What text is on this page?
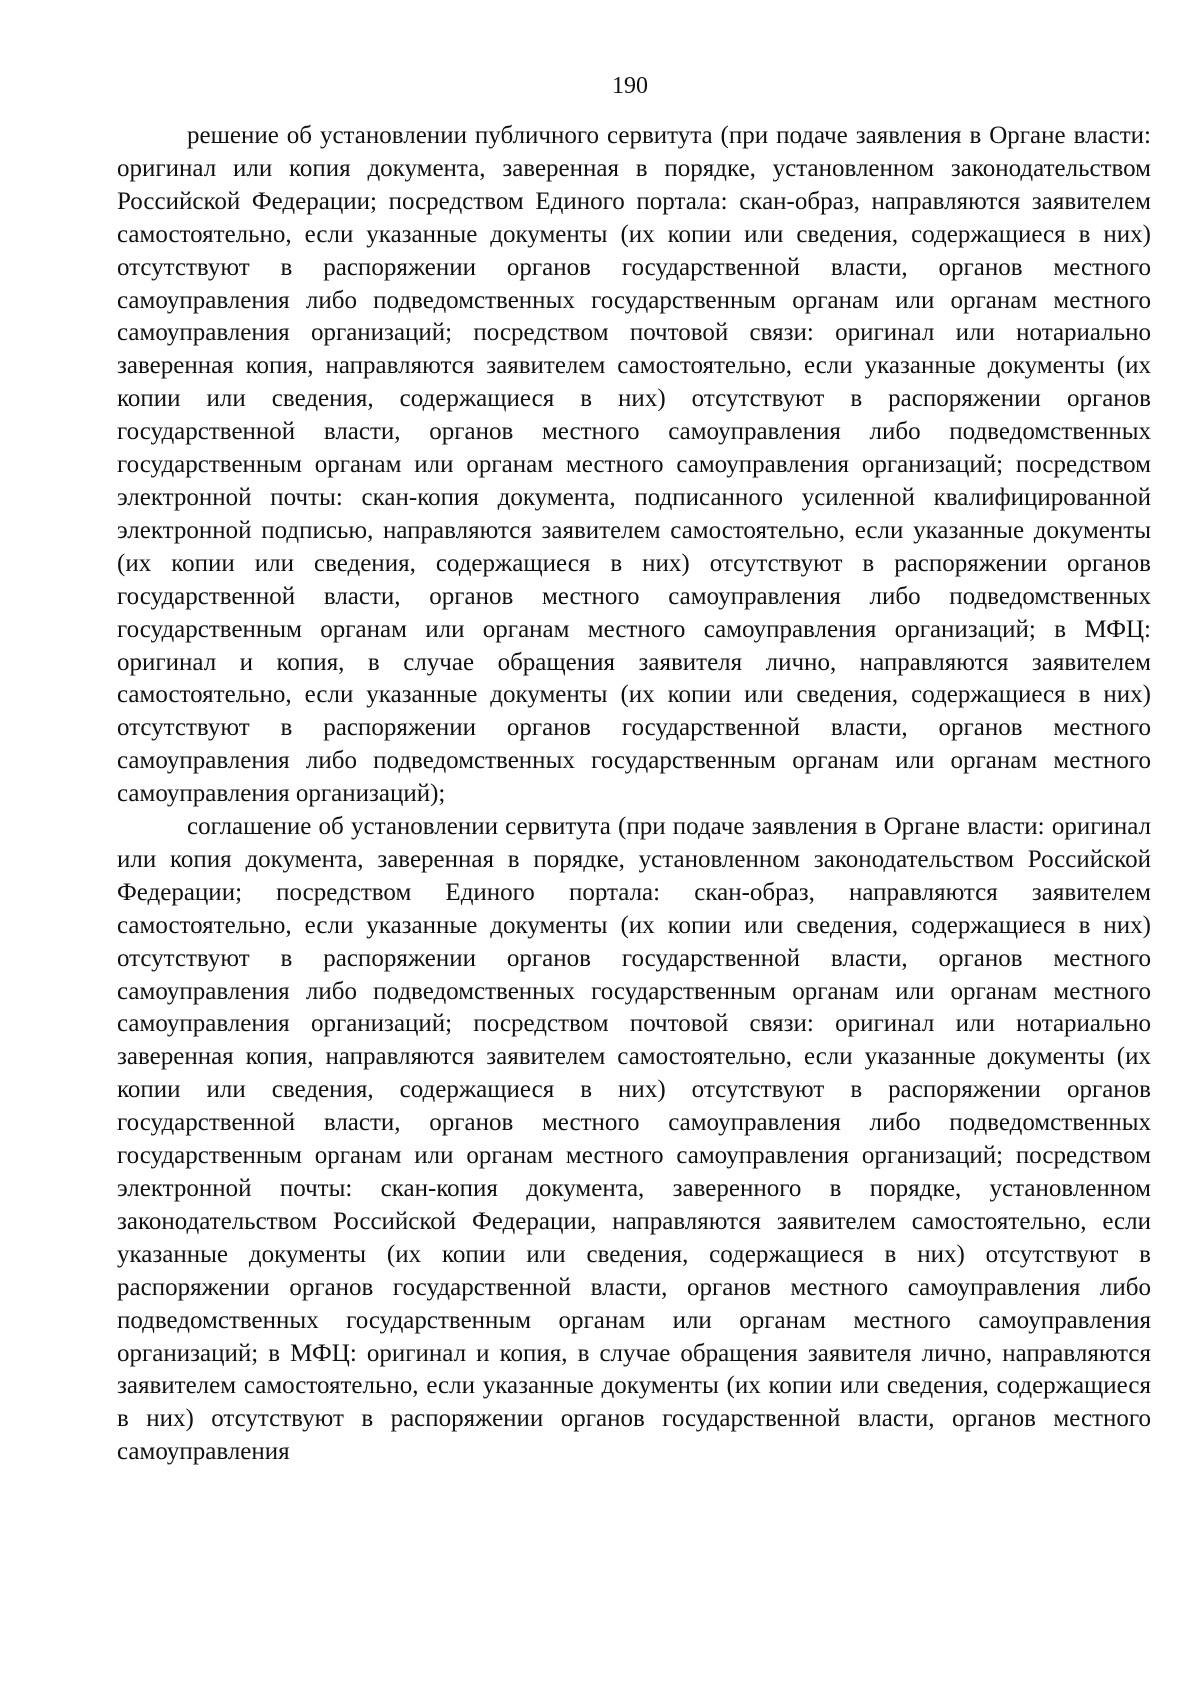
190

решение об установлении публичного сервитута (при подаче заявления в Органе власти: оригинал или копия документа, заверенная в порядке, установленном законодательством Российской Федерации; посредством Единого портала: скан-образ, направляются заявителем самостоятельно, если указанные документы (их копии или сведения, содержащиеся в них) отсутствуют в распоряжении органов государственной власти, органов местного самоуправления либо подведомственных государственным органам или органам местного самоуправления организаций; посредством почтовой связи: оригинал или нотариально заверенная копия, направляются заявителем самостоятельно, если указанные документы (их копии или сведения, содержащиеся в них) отсутствуют в распоряжении органов государственной власти, органов местного самоуправления либо подведомственных государственным органам или органам местного самоуправления организаций; посредством электронной почты: скан-копия документа, подписанного усиленной квалифицированной электронной подписью, направляются заявителем самостоятельно, если указанные документы (их копии или сведения, содержащиеся в них) отсутствуют в распоряжении органов государственной власти, органов местного самоуправления либо подведомственных государственным органам или органам местного самоуправления организаций; в МФЦ: оригинал и копия, в случае обращения заявителя лично, направляются заявителем самостоятельно, если указанные документы (их копии или сведения, содержащиеся в них) отсутствуют в распоряжении органов государственной власти, органов местного самоуправления либо подведомственных государственным органам или органам местного самоуправления организаций);

соглашение об установлении сервитута (при подаче заявления в Органе власти: оригинал или копия документа, заверенная в порядке, установленном законодательством Российской Федерации; посредством Единого портала: скан-образ, направляются заявителем самостоятельно, если указанные документы (их копии или сведения, содержащиеся в них) отсутствуют в распоряжении органов государственной власти, органов местного самоуправления либо подведомственных государственным органам или органам местного самоуправления организаций; посредством почтовой связи: оригинал или нотариально заверенная копия, направляются заявителем самостоятельно, если указанные документы (их копии или сведения, содержащиеся в них) отсутствуют в распоряжении органов государственной власти, органов местного самоуправления либо подведомственных государственным органам или органам местного самоуправления организаций; посредством электронной почты: скан-копия документа, заверенного в порядке, установленном законодательством Российской Федерации, направляются заявителем самостоятельно, если указанные документы (их копии или сведения, содержащиеся в них) отсутствуют в распоряжении органов государственной власти, органов местного самоуправления либо подведомственных государственным органам или органам местного самоуправления организаций; в МФЦ: оригинал и копия, в случае обращения заявителя лично, направляются заявителем самостоятельно, если указанные документы (их копии или сведения, содержащиеся в них) отсутствуют в распоряжении органов государственной власти, органов местного самоуправления
